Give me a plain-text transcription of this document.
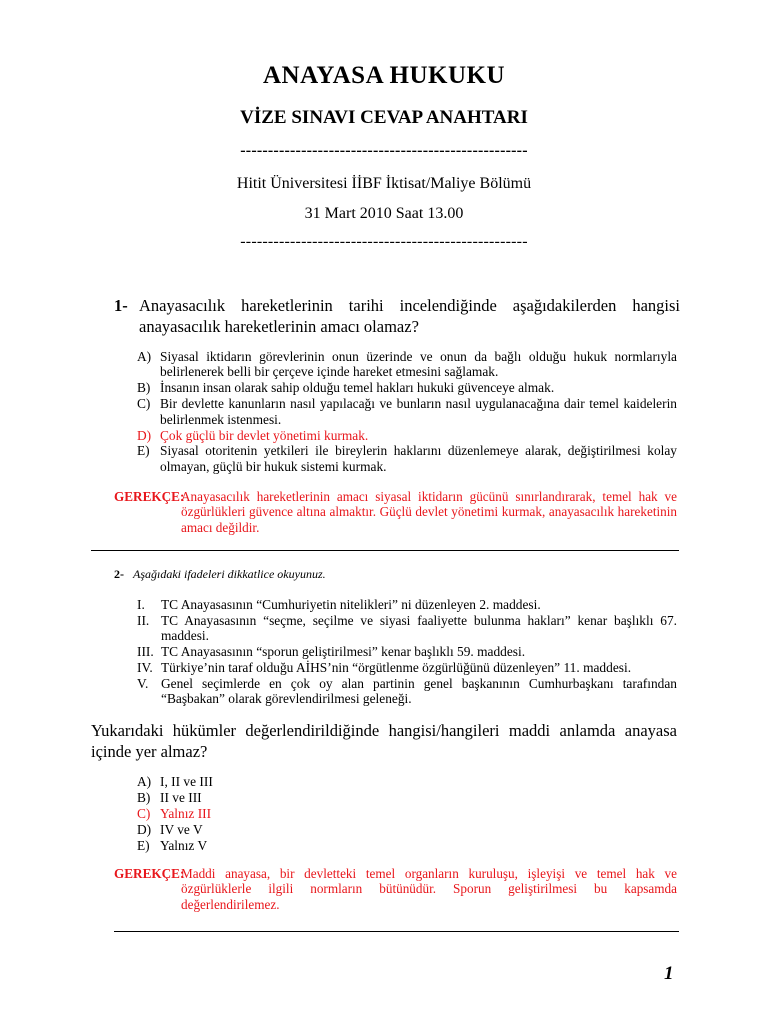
ANAYASA HUKUKU
VİZE SINAVI CEVAP ANAHTARI
----------------------------------------------------
Hitit Üniversitesi İİBF İktisat/Maliye Bölümü
31 Mart 2010 Saat 13.00
----------------------------------------------------
1- Anayasacılık hareketlerinin tarihi incelendiğinde aşağıdakilerden hangisi anayasacılık hareketlerinin amacı olamaz?
A) Siyasal iktidarın görevlerinin onun üzerinde ve onun da bağlı olduğu hukuk normlarıyla belirlenerek belli bir çerçeve içinde hareket etmesini sağlamak.
B) İnsanın insan olarak sahip olduğu temel hakları hukuki güvenceye almak.
C) Bir devlette kanunların nasıl yapılacağı ve bunların nasıl uygulanacağına dair temel kaidelerin belirlenmek istenmesi.
D) Çok güçlü bir devlet yönetimi kurmak.
E) Siyasal otoritenin yetkileri ile bireylerin haklarını düzenlemeye alarak, değiştirilmesi kolay olmayan, güçlü bir hukuk sistemi kurmak.
GEREKÇE:
Anayasacılık hareketlerinin amacı siyasal iktidarın gücünü sınırlandırarak, temel hak ve özgürlükleri güvence altına almaktır. Güçlü devlet yönetimi kurmak, anayasacılık hareketinin amacı değildir.
2- Aşağıdaki ifadeleri dikkatlice okuyunuz.
I. TC Anayasasının “Cumhuriyetin nitelikleri” ni düzenleyen 2. maddesi.
II. TC Anayasasının “seçme, seçilme ve siyasi faaliyette bulunma hakları” kenar başlıklı 67. maddesi.
III. TC Anayasasının “sporun geliştirilmesi” kenar başlıklı 59. maddesi.
IV. Türkiye’nin taraf olduğu AİHS’nin “örgütlenme özgürlüğünü düzenleyen” 11. maddesi.
V. Genel seçimlerde en çok oy alan partinin genel başkanının Cumhurbaşkanı tarafından “Başbakan” olarak görevlendirilmesi geleneği.
Yukarıdaki hükümler değerlendirildiğinde hangisi/hangileri maddi anlamda anayasa içinde yer almaz?
A) I, II ve III
B) II ve III
C) Yalnız III
D) IV ve V
E) Yalnız V
GEREKÇE:
Maddi anayasa, bir devletteki temel organların kuruluşu, işleyişi ve temel hak ve özgürlüklerle ilgili normların bütünüdür. Sporun geliştirilmesi bu kapsamda değerlendirilemez.
1
